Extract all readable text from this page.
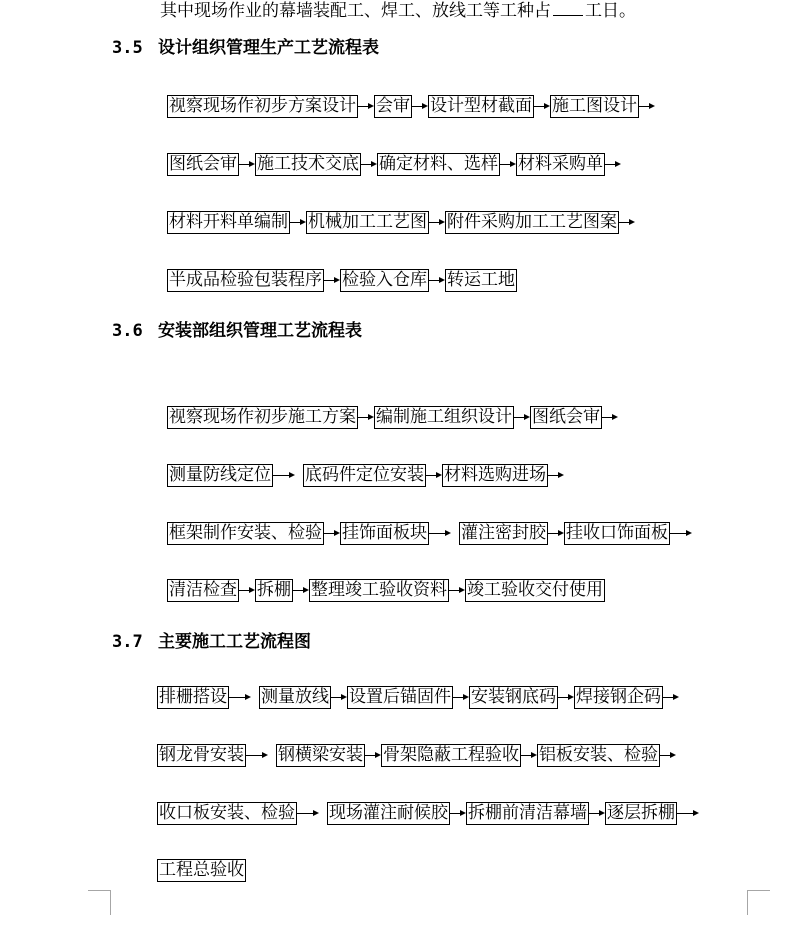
其中现场作业的幕墙装配工、焊工、放线工等工种占 工日。
3.5 设计组织管理生产工艺流程表
视察现场作初步方案设计 会审 设计型材截面 施工图设计
图纸会审 施工技术交底 确定材料、选样 材料采购单
材料开料单编制 机械加工工艺图 附件采购加工工艺图案
半成品检验包装程序 检验入仓库 转运工地
3.6 安装部组织管理工艺流程表
视察现场作初步施工方案 编制施工组织设计 图纸会审
测量防线定位 底码件定位安装 材料选购进场
框架制作安装、检验 挂饰面板块 灌注密封胶 挂收口饰面板
清洁检查 拆棚 整理竣工验收资料 竣工验收交付使用
3.7 主要施工工艺流程图
排栅搭设 测量放线 设置后锚固件 安装钢底码 焊接钢企码
钢龙骨安装 钢横梁安装 骨架隐蔽工程验收 铝板安装、检验
收口板安装、检验 现场灌注耐候胶 拆棚前清洁幕墙 逐层拆棚
工程总验收
